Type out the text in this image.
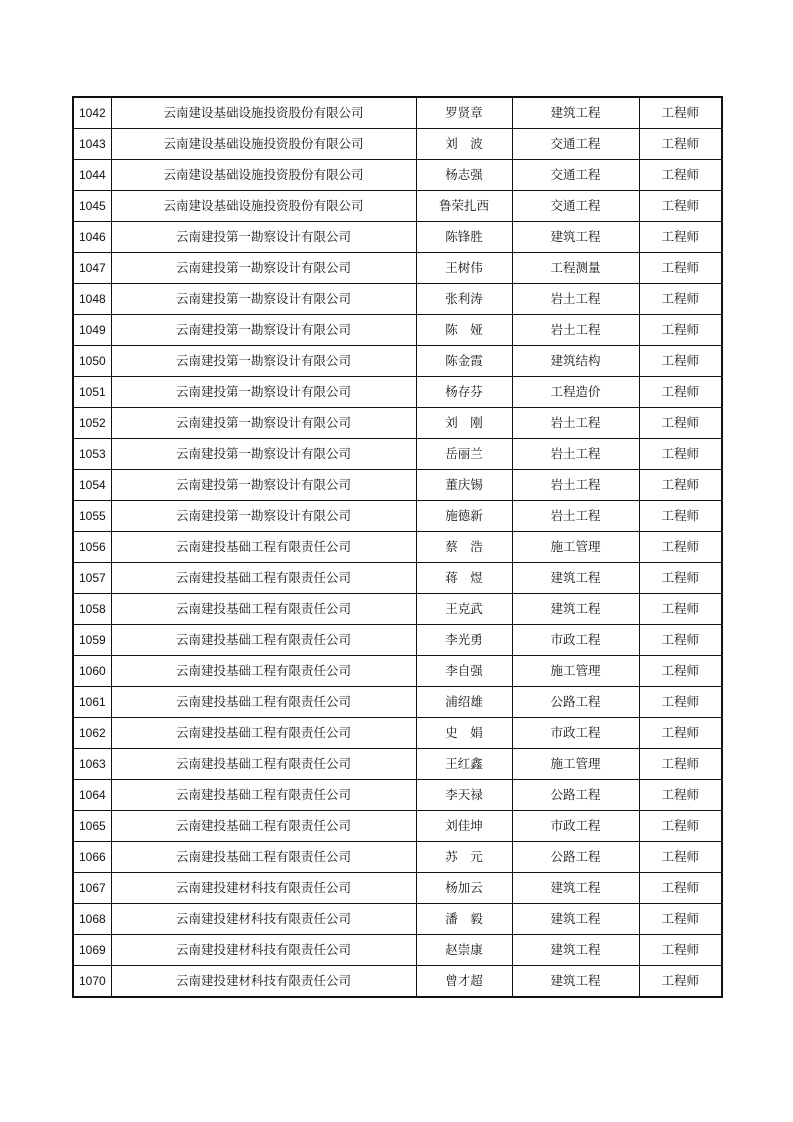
1042	云南建设基础设施投资股份有限公司	罗贤章	建筑工程	工程师
1043	云南建设基础设施投资股份有限公司	刘　波	交通工程	工程师
1044	云南建设基础设施投资股份有限公司	杨志强	交通工程	工程师
1045	云南建设基础设施投资股份有限公司	鲁荣扎西	交通工程	工程师
1046	云南建投第一勘察设计有限公司	陈锋胜	建筑工程	工程师
1047	云南建投第一勘察设计有限公司	王树伟	工程测量	工程师
1048	云南建投第一勘察设计有限公司	张利涛	岩土工程	工程师
1049	云南建投第一勘察设计有限公司	陈　娅	岩土工程	工程师
1050	云南建投第一勘察设计有限公司	陈金霞	建筑结构	工程师
1051	云南建投第一勘察设计有限公司	杨存芬	工程造价	工程师
1052	云南建投第一勘察设计有限公司	刘　刚	岩土工程	工程师
1053	云南建投第一勘察设计有限公司	岳丽兰	岩土工程	工程师
1054	云南建投第一勘察设计有限公司	董庆锡	岩土工程	工程师
1055	云南建投第一勘察设计有限公司	施德新	岩土工程	工程师
1056	云南建投基础工程有限责任公司	蔡　浩	施工管理	工程师
1057	云南建投基础工程有限责任公司	蒋　煜	建筑工程	工程师
1058	云南建投基础工程有限责任公司	王克武	建筑工程	工程师
1059	云南建投基础工程有限责任公司	李光勇	市政工程	工程师
1060	云南建投基础工程有限责任公司	李自强	施工管理	工程师
1061	云南建投基础工程有限责任公司	浦绍雄	公路工程	工程师
1062	云南建投基础工程有限责任公司	史　娟	市政工程	工程师
1063	云南建投基础工程有限责任公司	王红鑫	施工管理	工程师
1064	云南建投基础工程有限责任公司	李天禄	公路工程	工程师
1065	云南建投基础工程有限责任公司	刘佳坤	市政工程	工程师
1066	云南建投基础工程有限责任公司	苏　元	公路工程	工程师
1067	云南建投建材科技有限责任公司	杨加云	建筑工程	工程师
1068	云南建投建材科技有限责任公司	潘　毅	建筑工程	工程师
1069	云南建投建材科技有限责任公司	赵崇康	建筑工程	工程师
1070	云南建投建材科技有限责任公司	曾才超	建筑工程	工程师
